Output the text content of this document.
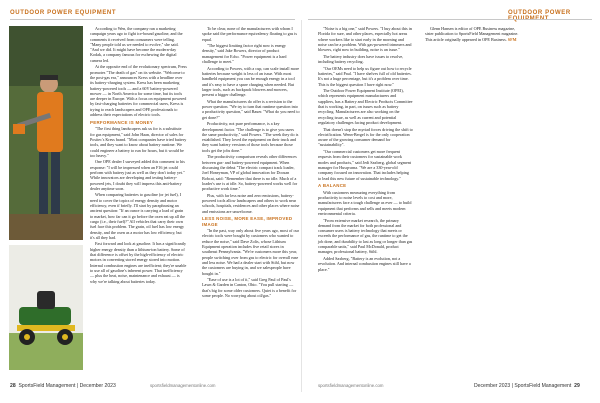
OUTDOOR POWER EQUIPMENT	OUTDOOR POWER

According to Wen, the company ran a marketing campaign years ago to fight ice-bound gasoline, and the comments it received from consumers were telling. "Many people told us we needed to evolve," she said. "And we did. It might have become the modern-day Kodak, a company famous for eschewing the digital camera led.

At the opposite end of the evolutionary spectrum, Press promotes "The death of gas" on its website. "Welcome to the post-gas era," announces Kress with a headline over its battery-charging system. Kress has been marketing battery-powered tools — and a 60V battery-powered mower — in North America for some time, but its tools are deeper in Europe. With a focus on equipment powered by fast-charging batteries for commercial users, Kress is trying to reach landscapers and OPE professionals to address their expectations of electric tools.

PERFORMANCE IS MONEY

"The first thing landscapers ask us for is a substitute for gas equipment," said John Haan, director of sales for Positec's Kress brand. "Most companies have tried battery tools, and they want to know about battery runtime. We could engineer a battery to run for hours, but it would be too heavy."

One OPE dealer I surveyed added this comment to his response: "I will be impressed when an F16 jet could perform with battery just as well as they don't today yet." While innovators are developing and testing battery-powered jets, I doubt they will impress this anti-battery dealer anytime soon.

When comparing batteries to gasoline (or jet fuel), I need to cover the topics of energy density and motor efficiency, even if briefly. I'll start by paraphrasing an ancient question: "If an ounce is carrying a load of grain to market, how far can it go before the oxen eat up all the cargo (i.e., their fuel)?" All vehicles that carry their own fuel face this problem. The grain, oil fuel has low energy density, and the oxen as a motor has low efficiency, but it's all they had.

Fast forward and look at gasoline. It has a significantly higher energy density than a lithium-ion battery. Some of that difference is offset by the high-efficiency of electric motors in converting stored energy stored into motion. Internal combustion engines are inefficient; they're unable to use all of gasoline's inherent power. That inefficiency — plus the heat, noise, maintenance and exhaust — is why we're talking about batteries today.

To be clear, none of the manufacturers with whom I spoke said the performance equivalency floating to gas is equal.

"The biggest limiting factor right now is energy density," said Jake Bowers, director of product management for Echo. "Power equipment is a hard challenge to meet."

According to Powers, with a cup, can scale install more batteries because weight is less of an issue. With most handheld equipment you can be enough energy in a tool and it's easy to have a spare charging when needed. But larger tools, such as backpack blowers and mowers, present a bigger challenge.

What the manufacturers do offer is a revision to the power question. "We try to turn that runtime question into a productivity question," said Bauer. "What do you need to get done?"

Productivity, not pure performance, is a key development factor. "The challenge is to give you users the same productivity," said Powers. "The week they do is established. They loved the equipment on their truck and they want battery versions of those tools because those tools get the jobs done."

The productivity comparison reveals other differences between gas- and battery-powered equipment. When discussing the debut "The electric compact track loader, Joel Honeyman, VP of global innovation for Doosan Bobcat, said: "Remember that there is no idle. Much of a loader's use is at idle. So, battery-powered works well for productive work time."

Plus, with far less noise and zero emissions, battery-powered tools allow landscapers and others to work near schools, hospitals, residences and other places where noise and emissions are unwelcome.

LESS NOISE, MORE EASE, IMPROVED IMAGE

"In the past, way only about five years ago, most of our electric tools were bought by customers who wanted to reduce the noise," said Dave Zolis, whose Lithium Equipment operation includes five retail stores in southeast Pennsylvania. "We're customers more this year, people switching over from gas to electric for overall ease and less noise. We had a dealer start with Stihl, but now the customers are buying in, and we salespeople have bought in."

"Ease of use is a lot of it," said Greg Paul of Paul's Lawn & Garden in Canton, Ohio. "You pull starting — that's big for some older customers. Quiet is a benefit for some people. No worrying about oil/gas."

"Noise is a big one," said Powers. "I buy about this in Florida for sure, and other places, especially hot areas where workers like to start early in the morning and noise can be a problem. With gas-powered trimmers and blowers, right now in building, noise is an issue."

The battery industry does have issues to resolve, including battery recycling.

"Our OEMs need to help us figure out how to recycle batteries," said Paul. "I have shelves full of old batteries. It's not a huge percentage, but it's a problem over time. This is the biggest question I have right now."

The Outdoor Power Equipment Institute (OPEI), which represents equipment manufacturers and suppliers, has a Battery and Electric Products Committee that is working, in part, on issues such as battery recycling. Manufacturers are also working on the recycling issue, as well as current and potential regulatory challenges facing product development.

That doesn't stop the myriad forces driving the shift to electrification. Wenn-Bergel is for the only cooperation aware of the growing consumer demand for "sustainability".

"Our commercial customers get more frequent requests from their customers for sustainable work modes and products," said Jedi Saxberg, global segment manager for Husqvarna. "We are a 330-year-old company focused on innovation. That includes helping to lead this new future of sustainable technology."

A BALANCE

With customers measuring everything from productivity to noise levels to cost and more, manufacturers face a tough challenge as ever — to build equipment that performs and sells and meets modern environmental criteria.

"From extensive market research, the primary demand from the market for both professional and consumer users is battery technology that meets or exceeds the performance of gas, the runtime to get the job done, and durability to last as long or longer than gas comparable units," said Paul McDonald, product manager, professional battery, Stihl.

Added Saxberg, "Battery is an evolution, not a revolution. And internal combustion engines still have a place."

Glenn Hansen is editor of OPE Business magazine, sister publication to SportsField Management magazine. This article originally appeared in OPE Business. SFM

28 SportsField Management | December 2023	sportsfieldmanagementonline.com	sportsfieldmanagementonline.com	December 2023 | SportsField Management 29
